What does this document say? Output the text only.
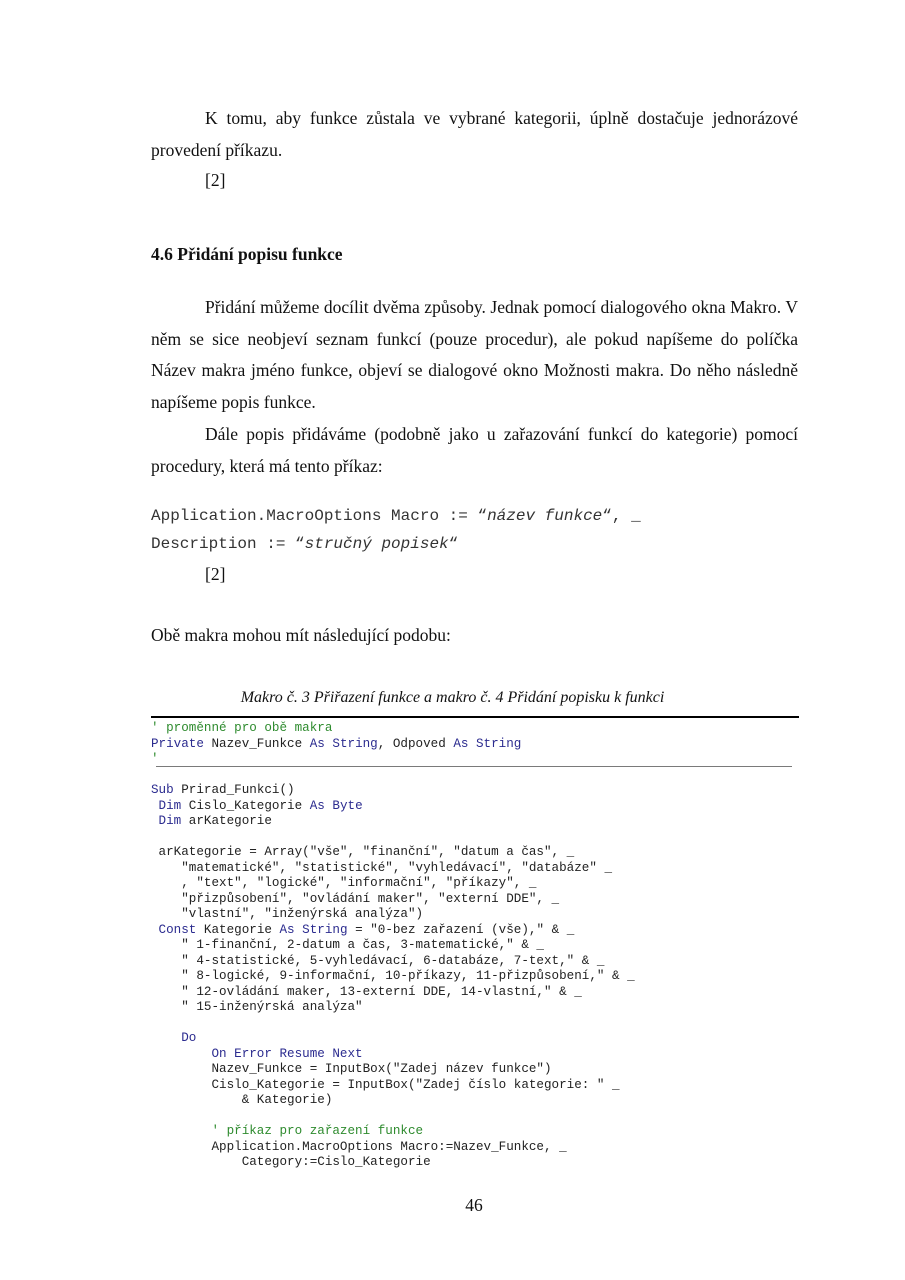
K tomu, aby funkce zůstala ve vybrané kategorii, úplně dostačuje jednorázové provedení příkazu.
[2]
4.6 Přidání popisu funkce
Přidání můžeme docílit dvěma způsoby. Jednak pomocí dialogového okna Makro. V něm se sice neobjeví seznam funkcí (pouze procedur), ale pokud napíšeme do políčka Název makra jméno funkce, objeví se dialogové okno Možnosti makra. Do něho následně napíšeme popis funkce.
Dále popis přidáváme (podobně jako u zařazování funkcí do kategorie) pomocí procedury, která má tento příkaz:
Application.MacroOptions Macro := “název funkce“, _
Description := “stručný popisek“
[2]
Obě makra mohou mít následující podobu:
Makro č. 3 Přiřazení funkce a makro č. 4 Přidání popisku k funkci
' proměnné pro obě makra
Private Nazev_Funkce As String, Odpoved As String
'
Sub Prirad_Funkci()
Dim Cislo_Kategorie As Byte
Dim arKategorie
arKategorie = Array("vše", "finanční", "datum a čas", _
"matematické", "statistické", "vyhledávací", "databáze" _
, "text", "logické", "informační", "příkazy", _
"přizpůsobení", "ovládání maker", "externí DDE", _
"vlastní", "inženýrská analýza")
Const Kategorie As String = "0-bez zařazení (vše)," & _
" 1-finanční, 2-datum a čas, 3-matematické," & _
" 4-statistické, 5-vyhledávací, 6-databáze, 7-text," & _
" 8-logické, 9-informační, 10-příkazy, 11-přizpůsobení," & _
" 12-ovládání maker, 13-externí DDE, 14-vlastní," & _
" 15-inženýrská analýza"
Do
On Error Resume Next
Nazev_Funkce = InputBox("Zadej název funkce")
Cislo_Kategorie = InputBox("Zadej číslo kategorie: " _
& Kategorie)
' příkaz pro zařazení funkce
Application.MacroOptions Macro:=Nazev_Funkce, _
Category:=Cislo_Kategorie
46
